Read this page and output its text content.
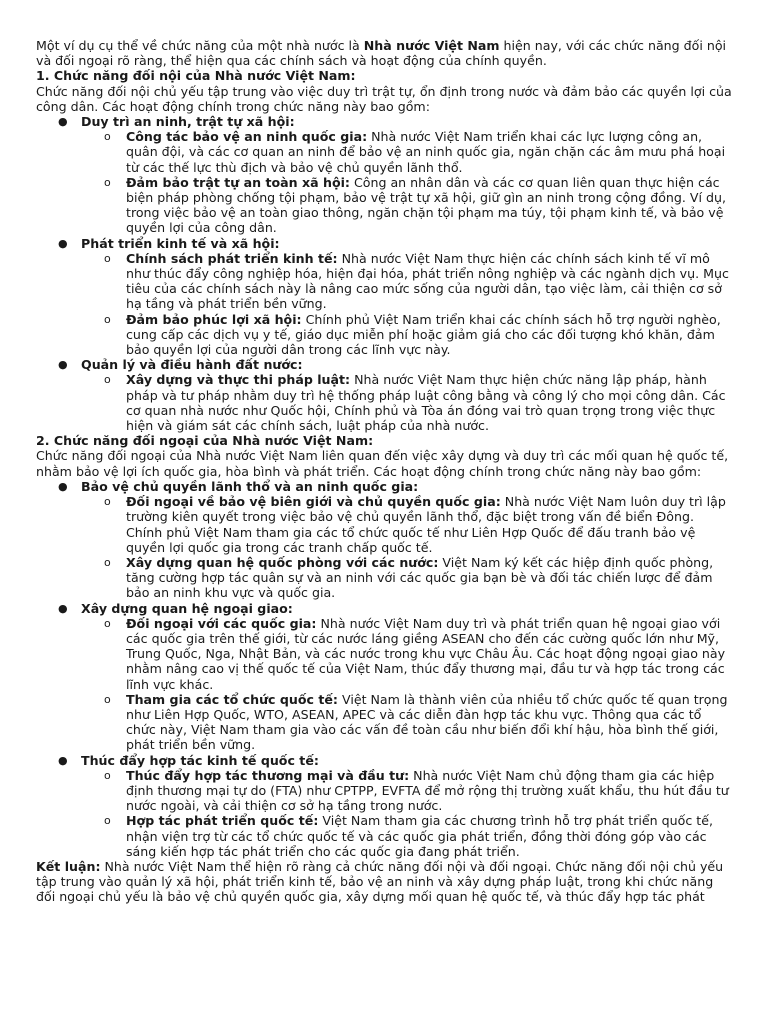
Một ví dụ cụ thể về chức năng của một nhà nước là Nhà nước Việt Nam hiện nay, với các chức năng đối nội và đối ngoại rõ ràng, thể hiện qua các chính sách và hoạt động của chính quyền.

1. Chức năng đối nội của Nhà nước Việt Nam:

Chức năng đối nội chủ yếu tập trung vào việc duy trì trật tự, ổn định trong nước và đảm bảo các quyền lợi của công dân. Các hoạt động chính trong chức năng này bao gồm:

● Duy trì an ninh, trật tự xã hội:
o Công tác bảo vệ an ninh quốc gia: Nhà nước Việt Nam triển khai các lực lượng công an, quân đội, và các cơ quan an ninh để bảo vệ an ninh quốc gia, ngăn chặn các âm mưu phá hoại từ các thế lực thù địch và bảo vệ chủ quyền lãnh thổ.
o Đảm bảo trật tự an toàn xã hội: Công an nhân dân và các cơ quan liên quan thực hiện các biện pháp phòng chống tội phạm, bảo vệ trật tự xã hội, giữ gìn an ninh trong cộng đồng. Ví dụ, trong việc bảo vệ an toàn giao thông, ngăn chặn tội phạm ma túy, tội phạm kinh tế, và bảo vệ quyền lợi của công dân.
● Phát triển kinh tế và xã hội:
o Chính sách phát triển kinh tế: Nhà nước Việt Nam thực hiện các chính sách kinh tế vĩ mô như thúc đẩy công nghiệp hóa, hiện đại hóa, phát triển nông nghiệp và các ngành dịch vụ. Mục tiêu của các chính sách này là nâng cao mức sống của người dân, tạo việc làm, cải thiện cơ sở hạ tầng và phát triển bền vững.
o Đảm bảo phúc lợi xã hội: Chính phủ Việt Nam triển khai các chính sách hỗ trợ người nghèo, cung cấp các dịch vụ y tế, giáo dục miễn phí hoặc giảm giá cho các đối tượng khó khăn, đảm bảo quyền lợi của người dân trong các lĩnh vực này.
● Quản lý và điều hành đất nước:
o Xây dựng và thực thi pháp luật: Nhà nước Việt Nam thực hiện chức năng lập pháp, hành pháp và tư pháp nhằm duy trì hệ thống pháp luật công bằng và công lý cho mọi công dân. Các cơ quan nhà nước như Quốc hội, Chính phủ và Tòa án đóng vai trò quan trọng trong việc thực hiện và giám sát các chính sách, luật pháp của nhà nước.

2. Chức năng đối ngoại của Nhà nước Việt Nam:

Chức năng đối ngoại của Nhà nước Việt Nam liên quan đến việc xây dựng và duy trì các mối quan hệ quốc tế, nhằm bảo vệ lợi ích quốc gia, hòa bình và phát triển. Các hoạt động chính trong chức năng này bao gồm:

● Bảo vệ chủ quyền lãnh thổ và an ninh quốc gia:
o Đối ngoại về bảo vệ biên giới và chủ quyền quốc gia: Nhà nước Việt Nam luôn duy trì lập trường kiên quyết trong việc bảo vệ chủ quyền lãnh thổ, đặc biệt trong vấn đề biển Đông. Chính phủ Việt Nam tham gia các tổ chức quốc tế như Liên Hợp Quốc để đấu tranh bảo vệ quyền lợi quốc gia trong các tranh chấp quốc tế.
o Xây dựng quan hệ quốc phòng với các nước: Việt Nam ký kết các hiệp định quốc phòng, tăng cường hợp tác quân sự và an ninh với các quốc gia bạn bè và đối tác chiến lược để đảm bảo an ninh khu vực và quốc gia.
● Xây dựng quan hệ ngoại giao:
o Đối ngoại với các quốc gia: Nhà nước Việt Nam duy trì và phát triển quan hệ ngoại giao với các quốc gia trên thế giới, từ các nước láng giềng ASEAN cho đến các cường quốc lớn như Mỹ, Trung Quốc, Nga, Nhật Bản, và các nước trong khu vực Châu Âu. Các hoạt động ngoại giao này nhằm nâng cao vị thế quốc tế của Việt Nam, thúc đẩy thương mại, đầu tư và hợp tác trong các lĩnh vực khác.
o Tham gia các tổ chức quốc tế: Việt Nam là thành viên của nhiều tổ chức quốc tế quan trọng như Liên Hợp Quốc, WTO, ASEAN, APEC và các diễn đàn hợp tác khu vực. Thông qua các tổ chức này, Việt Nam tham gia vào các vấn đề toàn cầu như biến đổi khí hậu, hòa bình thế giới, phát triển bền vững.
● Thúc đẩy hợp tác kinh tế quốc tế:
o Thúc đẩy hợp tác thương mại và đầu tư: Nhà nước Việt Nam chủ động tham gia các hiệp định thương mại tự do (FTA) như CPTPP, EVFTA để mở rộng thị trường xuất khẩu, thu hút đầu tư nước ngoài, và cải thiện cơ sở hạ tầng trong nước.
o Hợp tác phát triển quốc tế: Việt Nam tham gia các chương trình hỗ trợ phát triển quốc tế, nhận viện trợ từ các tổ chức quốc tế và các quốc gia phát triển, đồng thời đóng góp vào các sáng kiến hợp tác phát triển cho các quốc gia đang phát triển.

Kết luận: Nhà nước Việt Nam thể hiện rõ ràng cả chức năng đối nội và đối ngoại. Chức năng đối nội chủ yếu tập trung vào quản lý xã hội, phát triển kinh tế, bảo vệ an ninh và xây dựng pháp luật, trong khi chức năng đối ngoại chủ yếu là bảo vệ chủ quyền quốc gia, xây dựng mối quan hệ quốc tế, và thúc đẩy hợp tác phát
